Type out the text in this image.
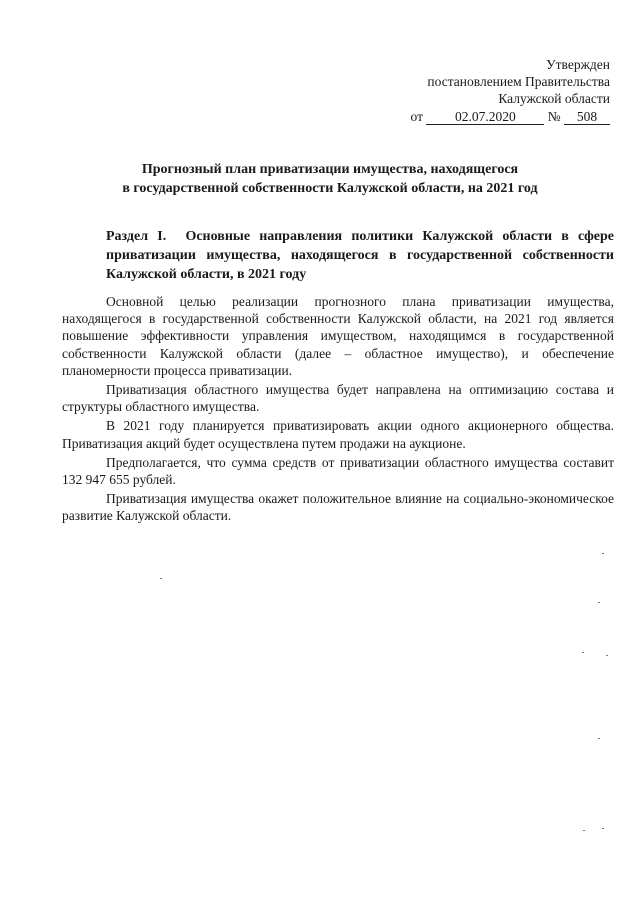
Утвержден
постановлением Правительства
Калужской области
от 02.07.2020 № 508
Прогнозный план приватизации имущества, находящегося
в государственной собственности Калужской области, на 2021 год
Раздел I. Основные направления политики Калужской области в сфере приватизации имущества, находящегося в государственной собственности Калужской области, в 2021 году

Основной целью реализации прогнозного плана приватизации имущества, находящегося в государственной собственности Калужской области, на 2021 год является повышение эффективности управления имуществом, находящимся в государственной собственности Калужской области (далее – областное имущество), и обеспечение планомерности процесса приватизации.

Приватизация областного имущества будет направлена на оптимизацию состава и структуры областного имущества.

В 2021 году планируется приватизировать акции одного акционерного общества. Приватизация акций будет осуществлена путем продажи на аукционе.

Предполагается, что сумма средств от приватизации областного имущества составит 132 947 655 рублей.

Приватизация имущества окажет положительное влияние на социально-экономическое развитие Калужской области.
